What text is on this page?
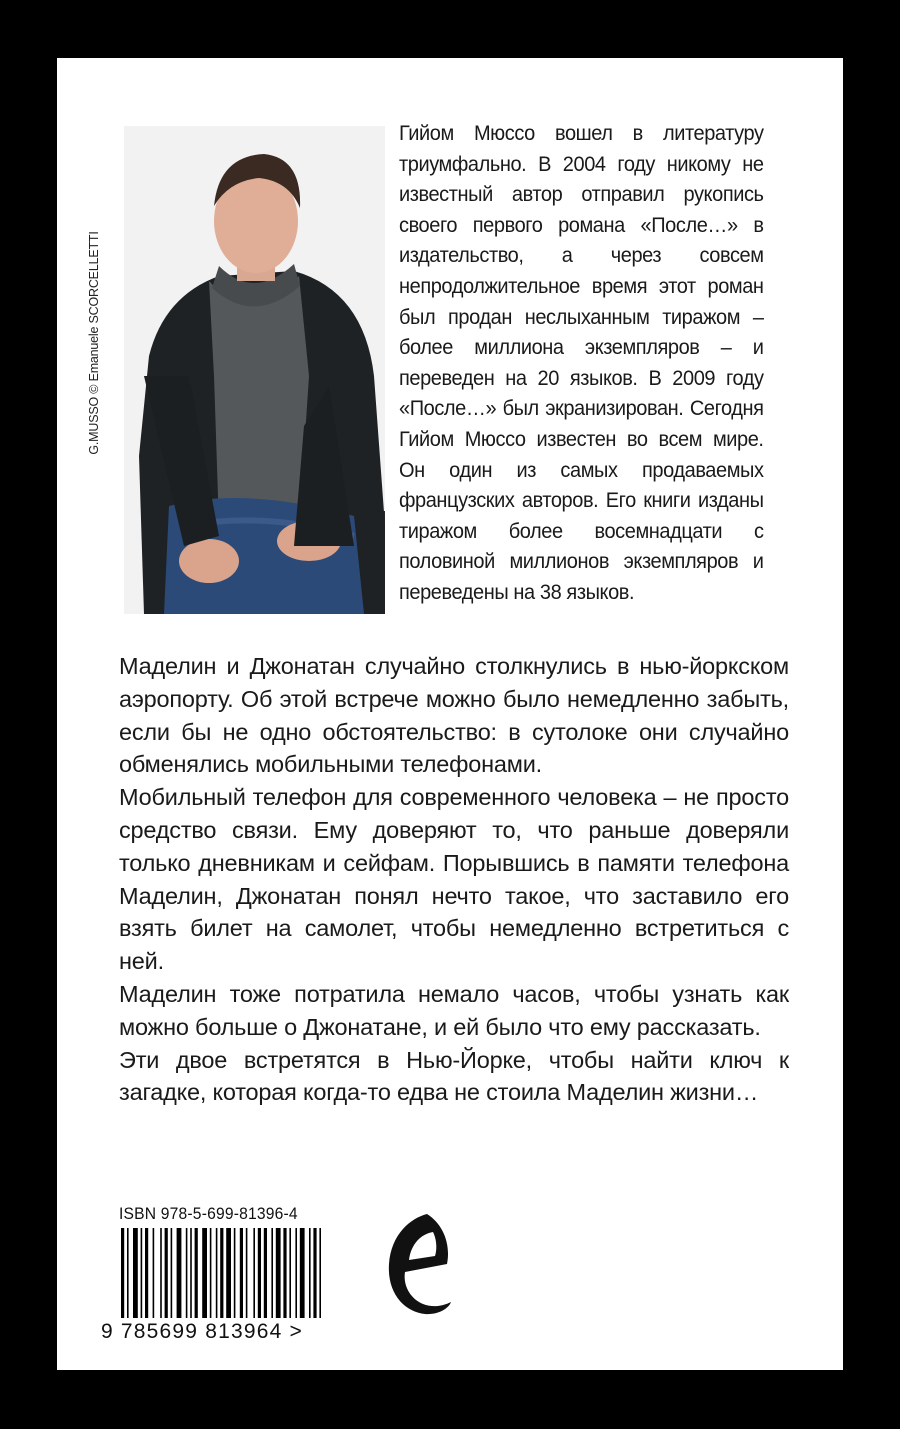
G.MUSSO © Emanuele SCORCELLETTI

Гийом Мюссо вошел в литературу триумфально. В 2004 году никому не известный автор отправил рукопись своего первого романа «После…» в издательство, а через совсем непродолжительное время этот роман был продан неслыханным тиражом – более миллиона экземпляров – и переведен на 20 языков. В 2009 году «После…» был экранизирован. Сегодня Гийом Мюссо известен во всем мире. Он один из самых продаваемых французских авторов. Его книги изданы тиражом более восемнадцати с половиной миллионов экземпляров и переведены на 38 языков.

Маделин и Джонатан случайно столкнулись в нью-йоркском аэропорту. Об этой встрече можно было немедленно забыть, если бы не одно обстоятельство: в сутолоке они случайно обменялись мобильными телефонами.

Мобильный телефон для современного человека – не просто средство связи. Ему доверяют то, что раньше доверяли только дневникам и сейфам. Порывшись в памяти телефона Маделин, Джонатан понял нечто такое, что заставило его взять билет на самолет, чтобы немедленно встретиться с ней.

Маделин тоже потратила немало часов, чтобы узнать как можно больше о Джонатане, и ей было что ему рассказать.

Эти двое встретятся в Нью-Йорке, чтобы найти ключ к загадке, которая когда-то едва не стоила Маделин жизни…

ISBN 978-5-699-81396-4
9 785699 813964 >
